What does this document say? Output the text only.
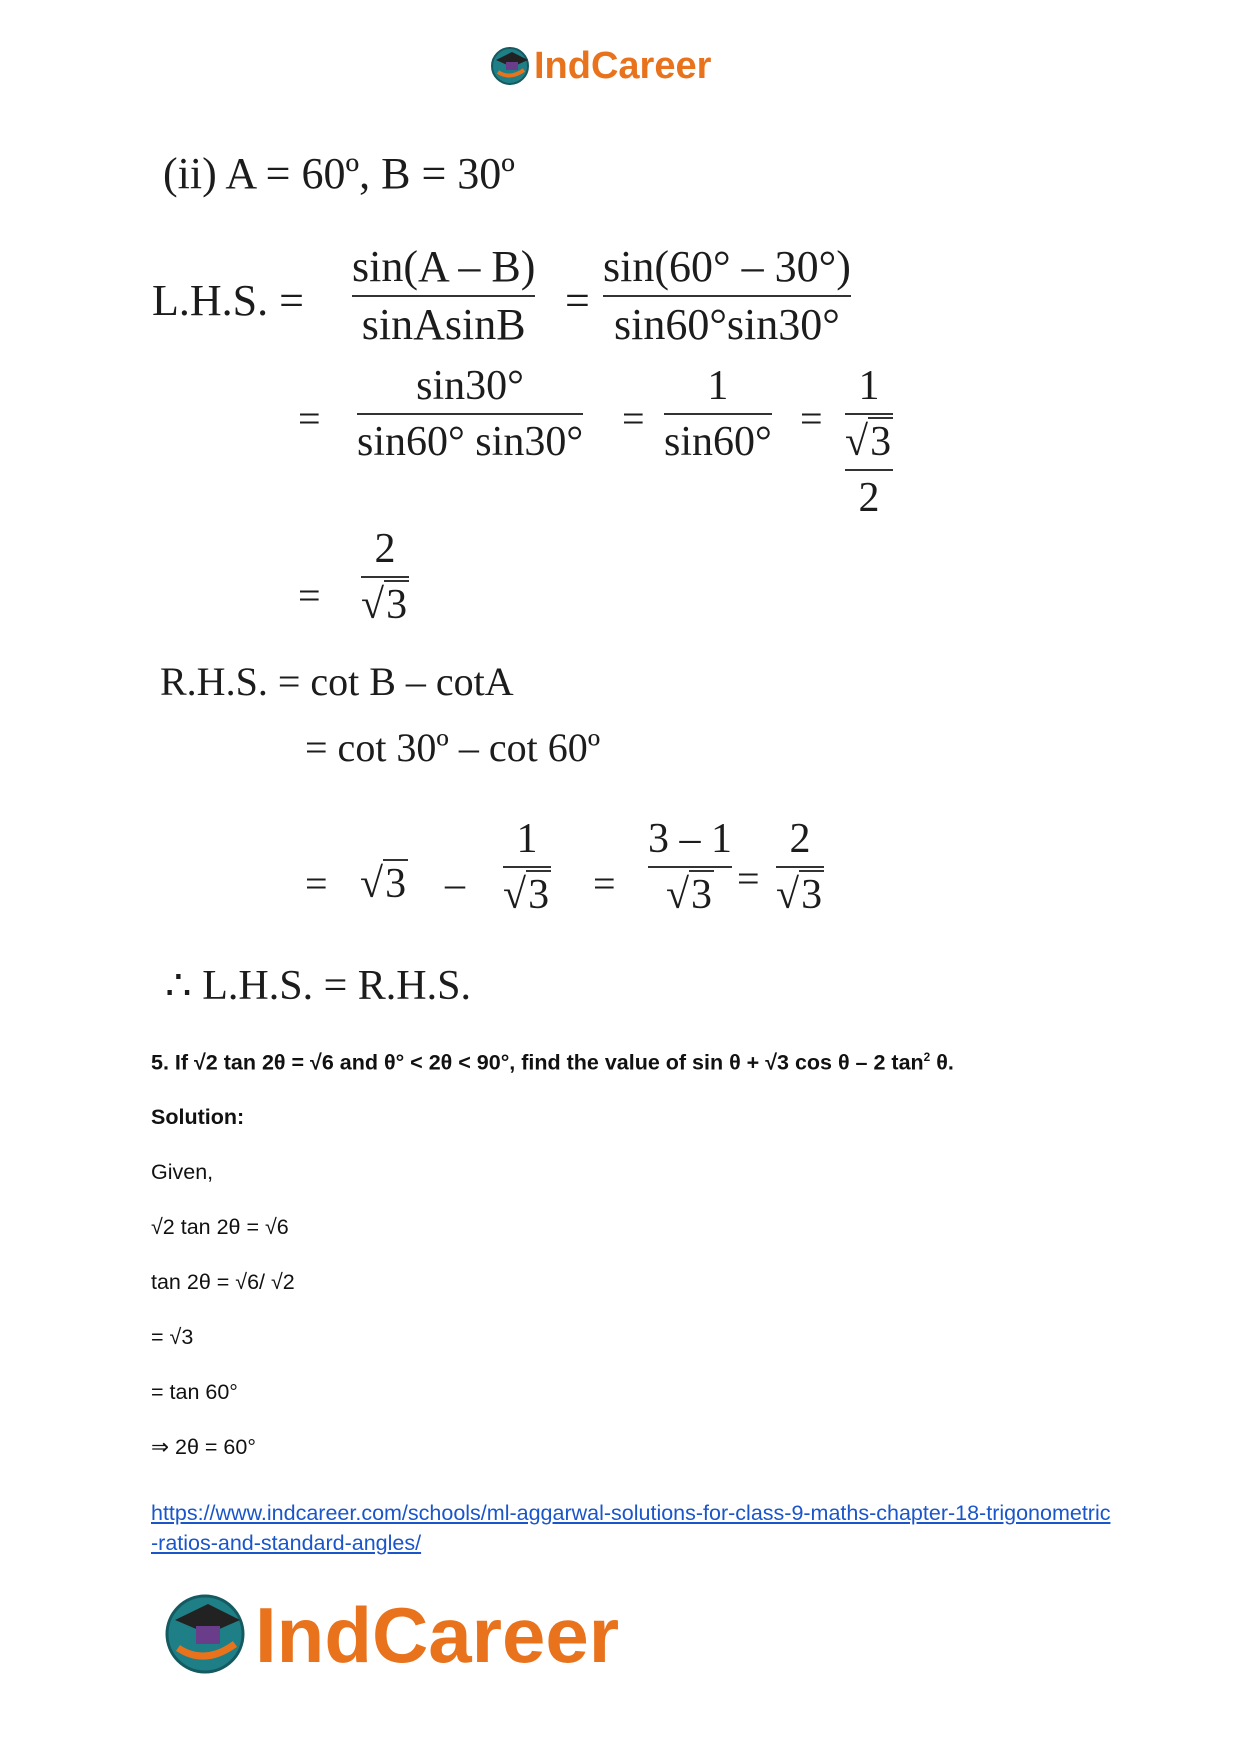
IndCareer
(ii) A = 60º, B = 30º
L.H.S. =
sin(A – B)
sinAsinB =
sin(60° – 30°)
sin60°sin30°
=
sin30°
sin60° sin30°
=
1
sin60°
=
1
√3
2
=
2
√3
R.H.S. = cot B – cotA
= cot 30º – cot 60º
= √3 –
1
√3 =
3 – 1
√3 =
2
√3
∴ L.H.S. = R.H.S.

5. If √2 tan 2θ = √6 and θ° < 2θ < 90°, find the value of sin θ + √3 cos θ – 2 $\tan^2 \theta$.

Solution:

Given,

√2 tan 2θ = √6

tan 2θ = √6/ √2

= √3

= tan 60°

⇒ 2θ = 60°

https://www.indcareer.com/schools/ml-aggarwal-solutions-for-class-9-maths-chapter-18-trigonometric-ratios-and-standard-angles/
IndCareer
